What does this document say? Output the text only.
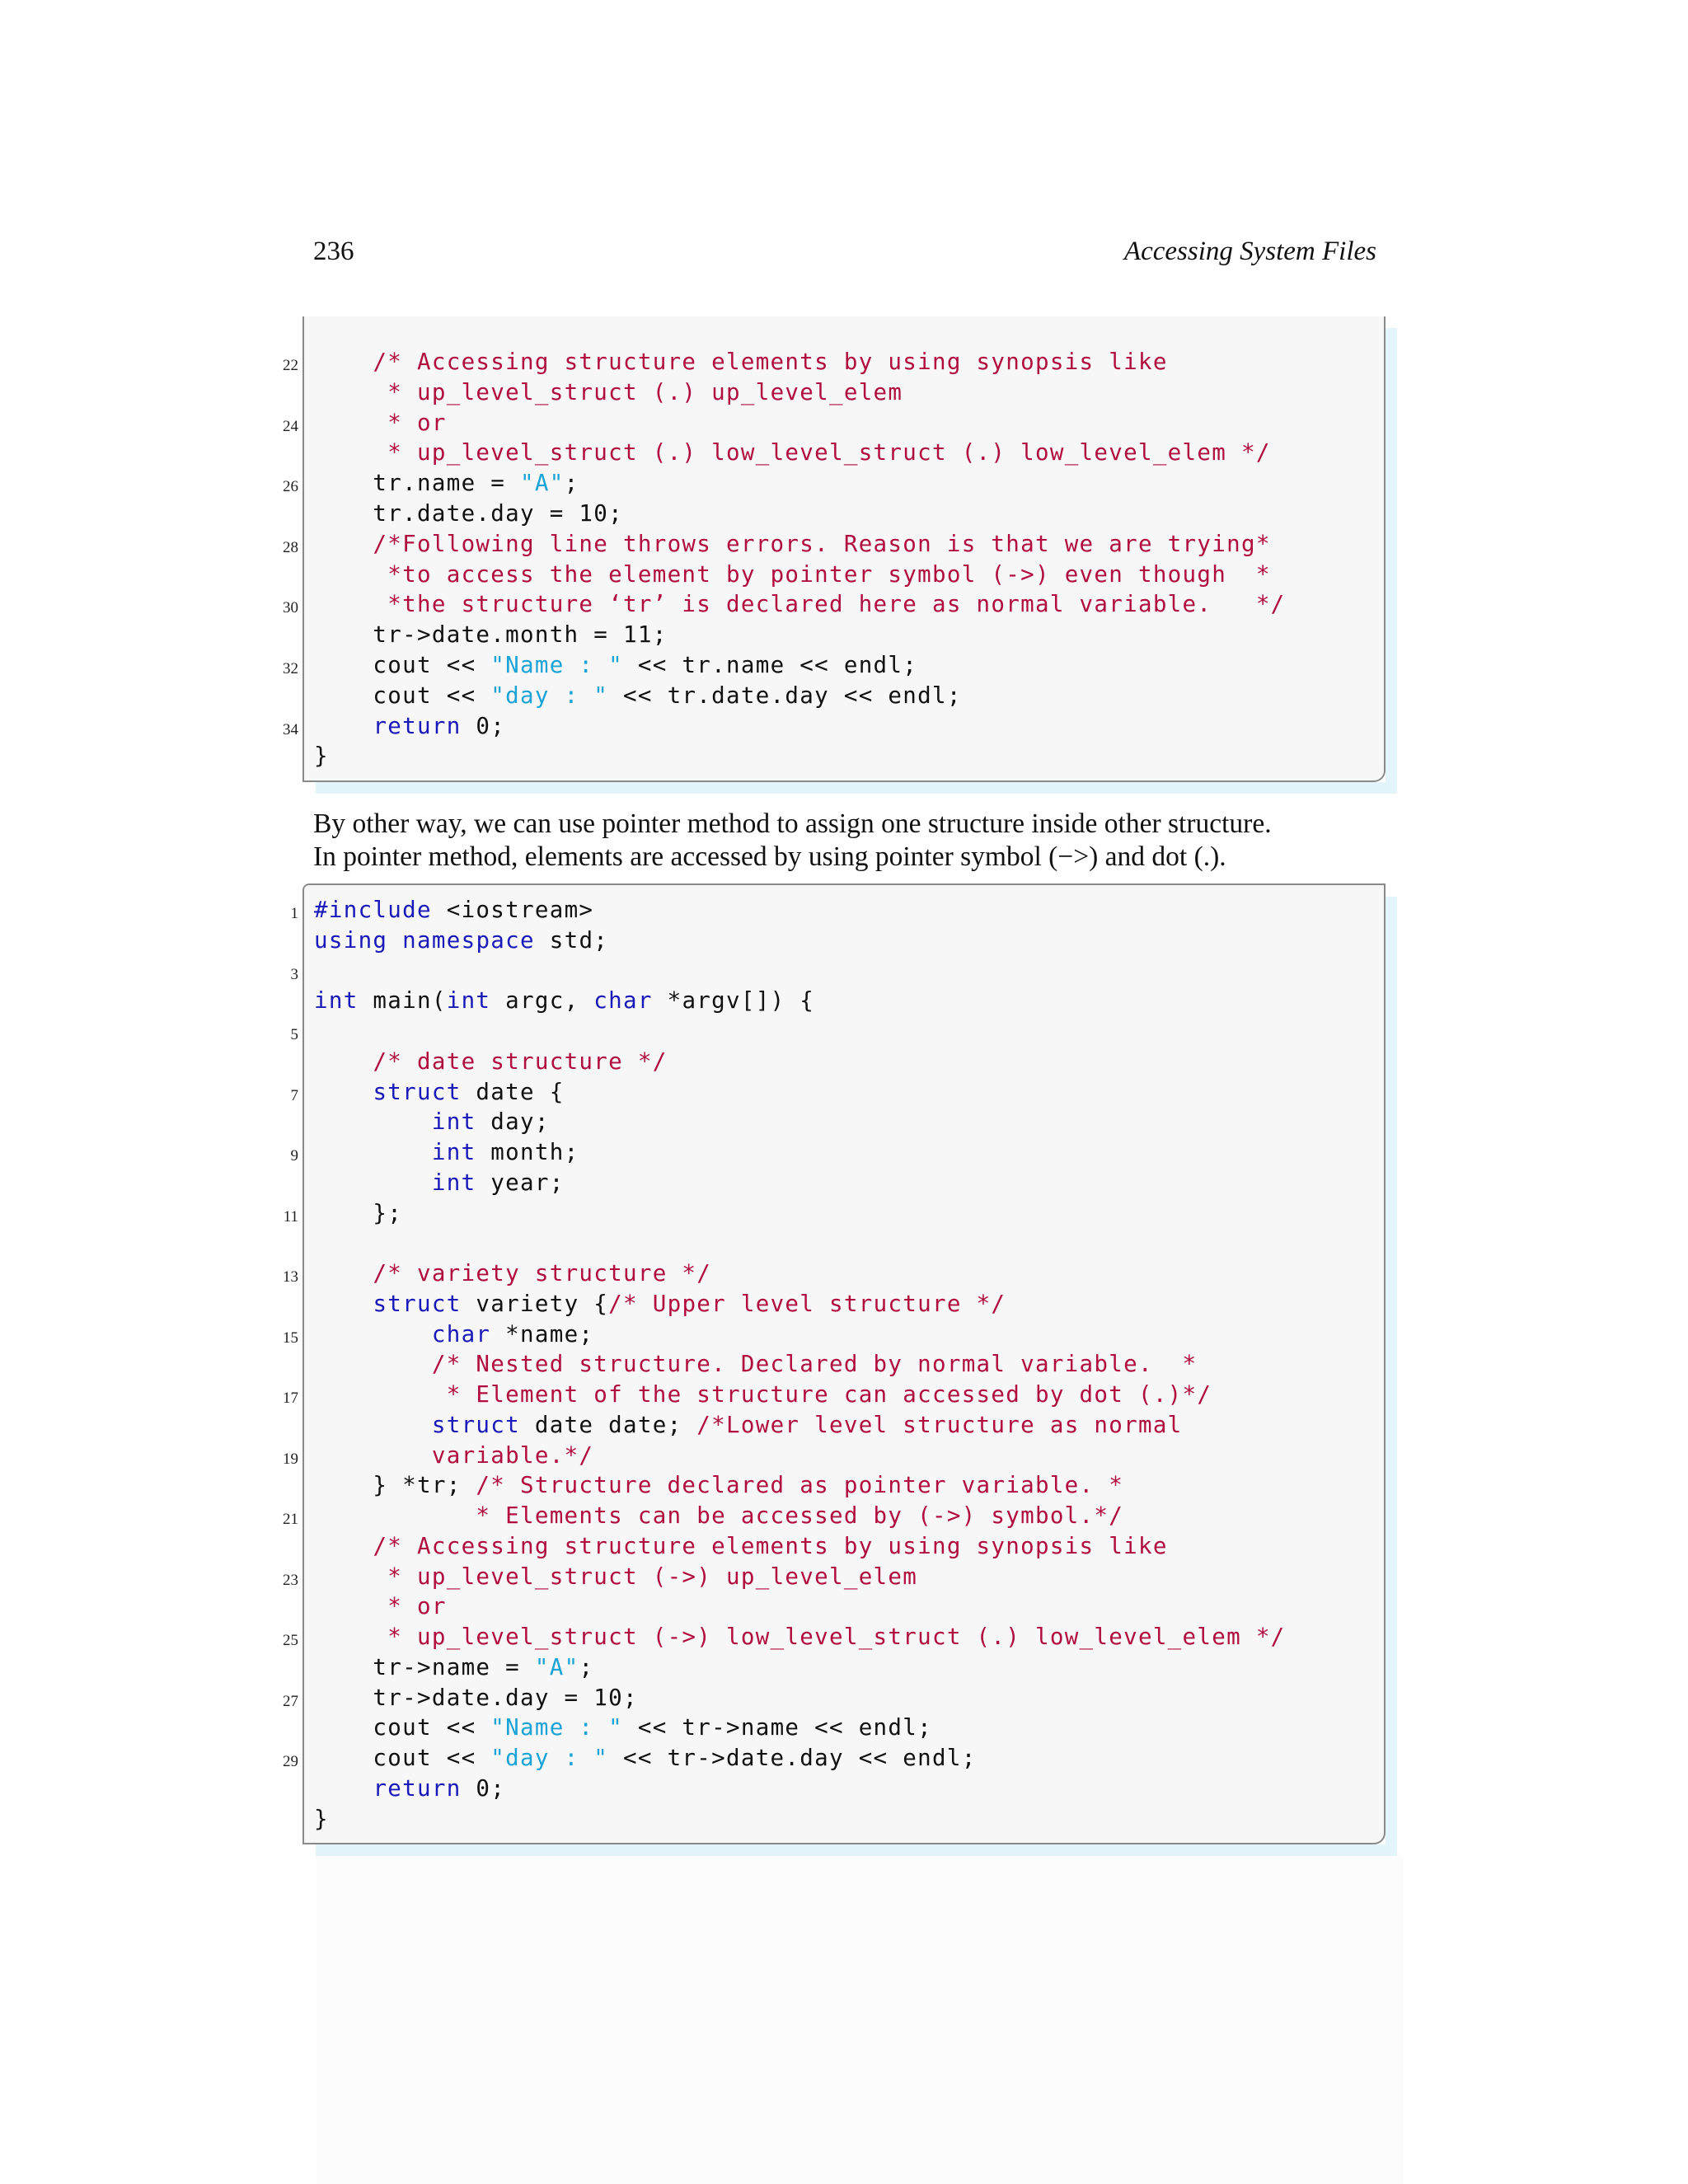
236	Accessing System Files
/* Accessing structure elements by using synopsis like
* up_level_struct (.) up_level_elem
* or
* up_level_struct (.) low_level_struct (.) low_level_elem */
tr.name = "A";
tr.date.day = 10;
/*Following line throws errors. Reason is that we are trying*
*to access the element by pointer symbol (->) even though  *
*the structure ‘tr’ is declared here as normal variable.   */
tr->date.month = 11;
cout << "Name : " << tr.name << endl;
cout << "day : " << tr.date.day << endl;
return 0;
}
22
24
26
28
30
32
34
By other way, we can use pointer method to assign one structure inside other structure.
In pointer method, elements are accessed by using pointer symbol (−>) and dot (.).
#include <iostream>
using namespace std;
int main(int argc, char *argv[]) {
/* date structure */
struct date {
int day;
int month;
int year;
};
/* variety structure */
struct variety {/* Upper level structure */
char *name;
/* Nested structure. Declared by normal variable.  *
* Element of the structure can accessed by dot (.)*/
struct date date; /*Lower level structure as normal
variable.*/
} *tr; /* Structure declared as pointer variable. *
* Elements can be accessed by (->) symbol.*/
/* Accessing structure elements by using synopsis like
* up_level_struct (->) up_level_elem
* or
* up_level_struct (->) low_level_struct (.) low_level_elem */
tr->name = "A";
tr->date.day = 10;
cout << "Name : " << tr->name << endl;
cout << "day : " << tr->date.day << endl;
return 0;
}
1
3
5
7
9
11
13
15
17
19
21
23
25
27
29
